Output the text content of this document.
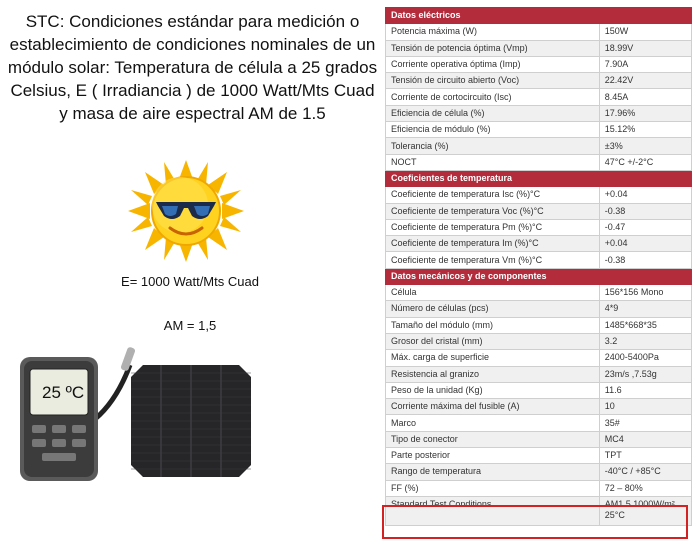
STC: Condiciones estándar para medición o establecimiento de condiciones nominales de un módulo solar: Temperatura de célula a 25 grados Celsius, E ( Irradiancia ) de 1000 Watt/Mts Cuad y masa de aire espectral AM de 1.5
E= 1000 Watt/Mts Cuad
AM = 1,5
25 ºC
Datos eléctricos	
Potencia máxima (W)	150W
Tensión de potencia óptima (Vmp)	18.99V
Corriente operativa óptima (Imp)	7.90A
Tensión de circuito abierto (Voc)	22.42V
Corriente de cortocircuito (Isc)	8.45A
Eficiencia de célula (%)	17.96%
Eficiencia de módulo (%)	15.12%
Tolerancia (%)	±3%
NOCT	47°C +/-2°C
Coeficientes de temperatura	
Coeficiente de temperatura Isc (%)°C	+0.04
Coeficiente de temperatura Voc (%)°C	-0.38
Coeficiente de temperatura Pm (%)°C	-0.47
Coeficiente de temperatura Im (%)°C	+0.04
Coeficiente de temperatura Vm (%)°C	-0.38
Datos mecánicos y de componentes	
Célula	156*156 Mono
Número de células (pcs)	4*9
Tamaño del módulo (mm)	1485*668*35
Grosor del cristal (mm)	3.2
Máx. carga de superficie	2400-5400Pa
Resistencia al granizo	23m/s ,7.53g
Peso de la unidad (Kg)	11.6
Corriente máxima del fusible (A)	10
Marco	35#
Tipo de conector	MC4
Parte posterior	TPT
Rango de temperatura	-40°C / +85°C
FF (%)	72 – 80%
Standard Test Conditions	AM1.5 1000W/m² 25°C
